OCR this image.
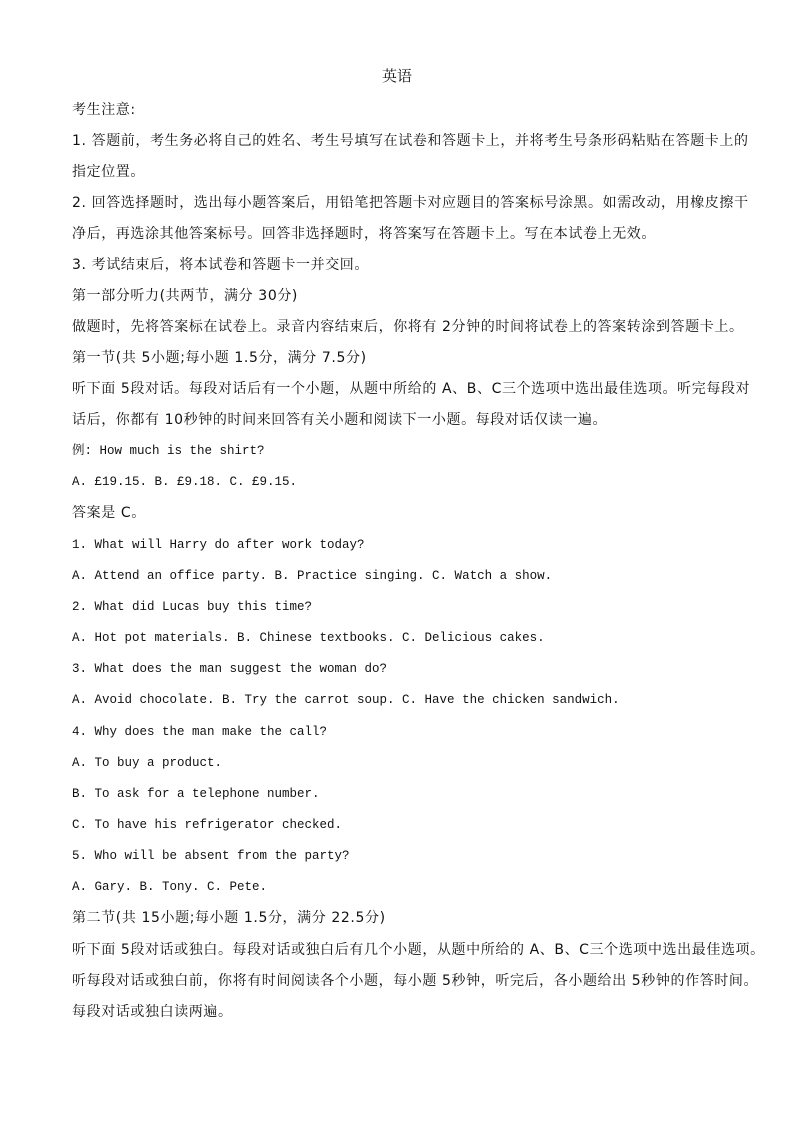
英语
考生注意:
1. 答题前，考生务必将自己的姓名、考生号填写在试卷和答题卡上，并将考生号条形码粘贴在答题卡上的
指定位置。
2. 回答选择题时，选出每小题答案后，用铅笔把答题卡对应题目的答案标号涂黑。如需改动，用橡皮擦干
净后，再选涂其他答案标号。回答非选择题时，将答案写在答题卡上。写在本试卷上无效。
3. 考试结束后，将本试卷和答题卡一并交回。
第一部分听力(共两节，满分 30分)
做题时，先将答案标在试卷上。录音内容结束后，你将有 2分钟的时间将试卷上的答案转涂到答题卡上。
第一节(共 5小题;每小题 1.5分，满分 7.5分)
听下面 5段对话。每段对话后有一个小题，从题中所给的 A、B、C三个选项中选出最佳选项。听完每段对
话后，你都有 10秒钟的时间来回答有关小题和阅读下一小题。每段对话仅读一遍。
例: How much is the shirt?
A. £19.15. B. £9.18. C. £9.15.
答案是 C。
1. What will Harry do after work today?
A. Attend an office party. B. Practice singing. C. Watch a show.
2. What did Lucas buy this time?
A. Hot pot materials. B. Chinese textbooks. C. Delicious cakes.
3. What does the man suggest the woman do?
A. Avoid chocolate. B. Try the carrot soup. C. Have the chicken sandwich.
4. Why does the man make the call?
A. To buy a product.
B. To ask for a telephone number.
C. To have his refrigerator checked.
5. Who will be absent from the party?
A. Gary. B. Tony. C. Pete.
第二节(共 15小题;每小题 1.5分，满分 22.5分)
听下面 5段对话或独白。每段对话或独白后有几个小题，从题中所给的 A、B、C三个选项中选出最佳选项。
听每段对话或独白前，你将有时间阅读各个小题，每小题 5秒钟，听完后，各小题给出 5秒钟的作答时间。
每段对话或独白读两遍。
